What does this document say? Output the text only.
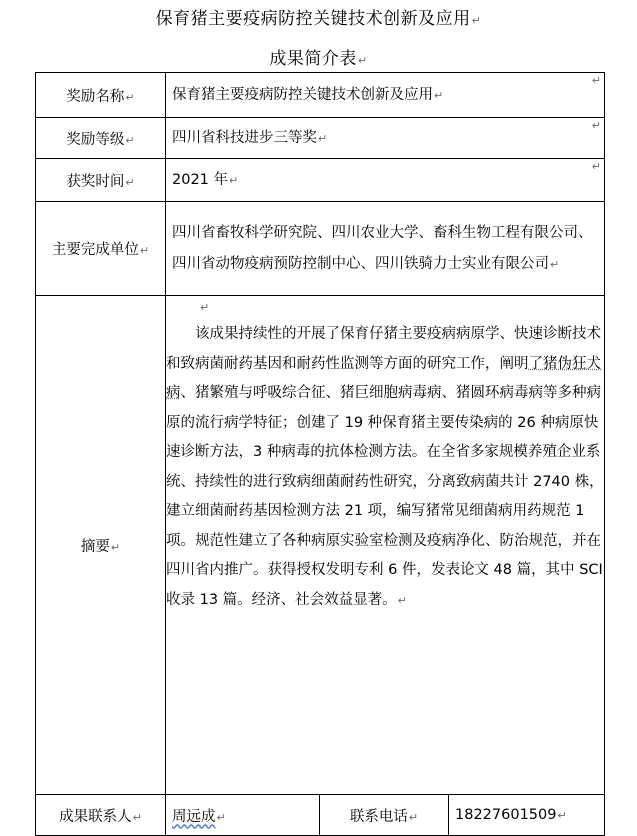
保育猪主要疫病防控关键技术创新及应用↵
成果简介表↵
奖励名称↵	保育猪主要疫病防控关键技术创新及应用↵
↵		

奖励等级↵	四川省科技进步三等奖↵
↵		

获奖时间↵	2021 年↵
↵		

主要完成单位↵	四川省畜牧科学研究院、四川农业大学、畜科生物工程有限公司、四川省动物疫病预防控制中心、四川铁骑力士实业有限公司↵		

摘要↵	↵

该成果持续性的开展了保育仔猪主要疫病病原学、快速诊断技术和致病菌耐药基因和耐药性监测等方面的研究工作，阐明了猪伪狂犬病、猪繁殖与呼吸综合征、猪巨细胞病毒病、猪圆环病毒病等多种病原的流行病学特征；创建了 19 种保育猪主要传染病的 26 种病原快速诊断方法，3 种病毒的抗体检测方法。在全省多家规模养殖企业系统、持续性的进行致病细菌耐药性研究，分离致病菌共计 2740 株，建立细菌耐药基因检测方法 21 项，编写猪常见细菌病用药规范 1 项。规范性建立了各种病原实验室检测及疫病净化、防治规范，并在四川省内推广。获得授权发明专利 6 件，发表论文 48 篇，其中 SCI 收录 13 篇。经济、社会效益显著。↵		

成果联系人↵	周远成↵	联系电话↵	18227601509↵
